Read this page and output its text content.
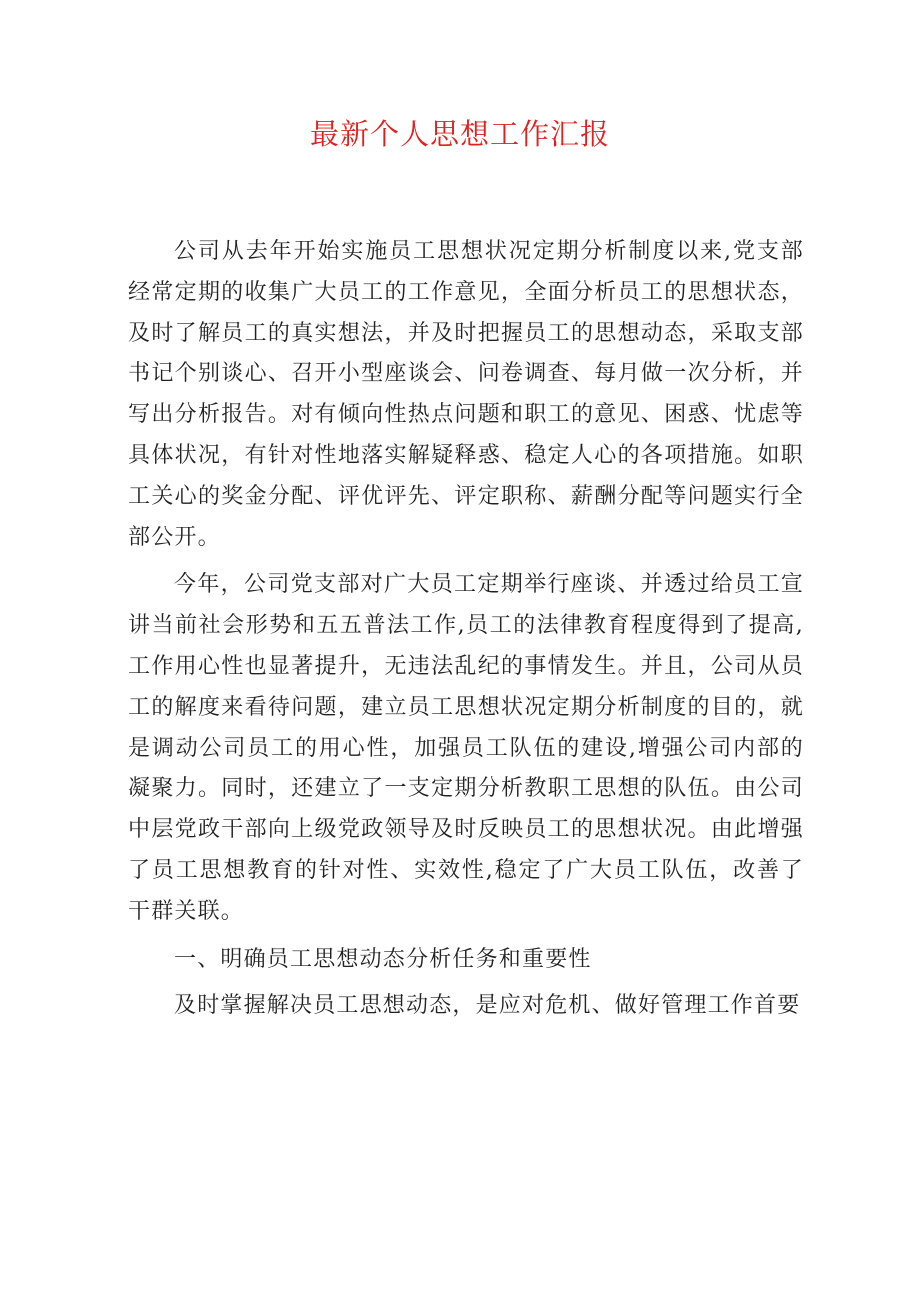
最新个人思想工作汇报

公司从去年开始实施员工思想状况定期分析制度以来,党支部经常定期的收集广大员工的工作意见，全面分析员工的思想状态，及时了解员工的真实想法，并及时把握员工的思想动态，采取支部书记个别谈心、召开小型座谈会、问卷调查、每月做一次分析，并写出分析报告。对有倾向性热点问题和职工的意见、困惑、忧虑等具体状况，有针对性地落实解疑释惑、稳定人心的各项措施。如职工关心的奖金分配、评优评先、评定职称、薪酬分配等问题实行全部公开。

今年，公司党支部对广大员工定期举行座谈、并透过给员工宣讲当前社会形势和五五普法工作,员工的法律教育程度得到了提高,工作用心性也显著提升，无违法乱纪的事情发生。并且，公司从员工的解度来看待问题，建立员工思想状况定期分析制度的目的，就是调动公司员工的用心性，加强员工队伍的建设,增强公司内部的凝聚力。同时，还建立了一支定期分析教职工思想的队伍。由公司中层党政干部向上级党政领导及时反映员工的思想状况。由此增强了员工思想教育的针对性、实效性,稳定了广大员工队伍，改善了干群关联。

一、明确员工思想动态分析任务和重要性

及时掌握解决员工思想动态，是应对危机、做好管理工作首要
